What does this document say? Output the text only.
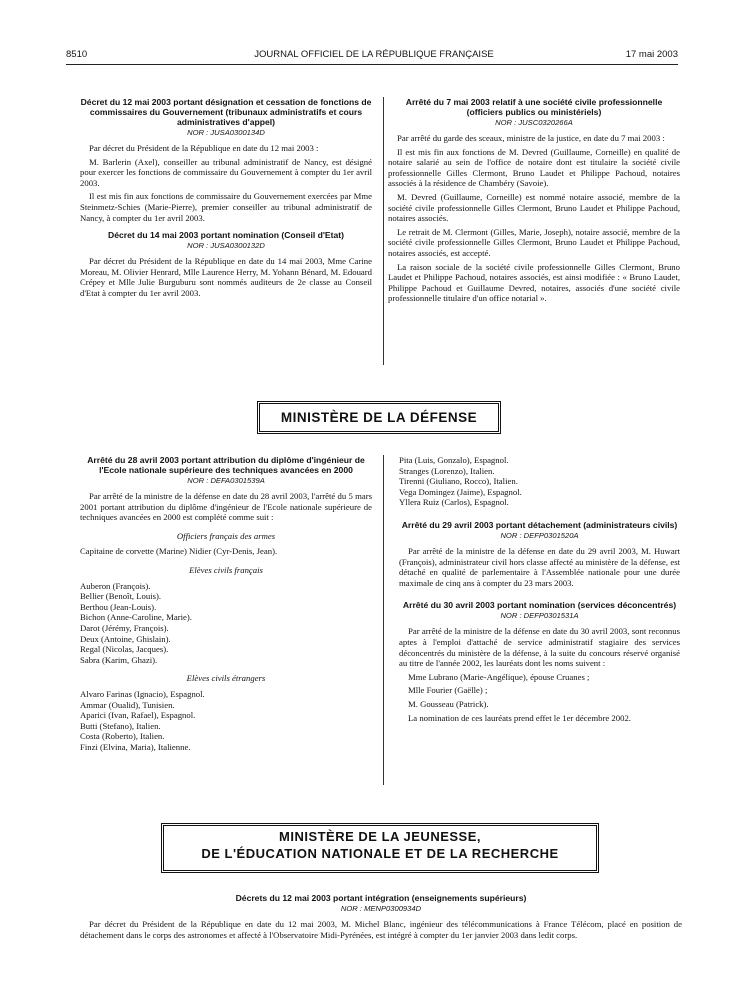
8510	JOURNAL OFFICIEL DE LA RÉPUBLIQUE FRANÇAISE	17 mai 2003
Décret du 12 mai 2003 portant désignation et cessation de fonctions de commissaires du Gouvernement (tribunaux administratifs et cours administratives d'appel)
NOR : JUSA0300134D

Par décret du Président de la République en date du 12 mai 2003 :

M. Barlerin (Axel), conseiller au tribunal administratif de Nancy, est désigné pour exercer les fonctions de commissaire du Gouvernement à compter du 1er avril 2003.

Il est mis fin aux fonctions de commissaire du Gouvernement exercées par Mme Steinmetz-Schies (Marie-Pierre), premier conseiller au tribunal administratif de Nancy, à compter du 1er avril 2003.

Décret du 14 mai 2003 portant nomination (Conseil d'Etat)
NOR : JUSA0300132D

Par décret du Président de la République en date du 14 mai 2003, Mme Carine Moreau, M. Olivier Henrard, Mlle Laurence Herry, M. Yohann Bénard, M. Edouard Crépey et Mlle Julie Burguburu sont nommés auditeurs de 2e classe au Conseil d'Etat à compter du 1er avril 2003.

Arrêté du 7 mai 2003 relatif à une société civile professionnelle (officiers publics ou ministériels)
NOR : JUSC0320266A

Par arrêté du garde des sceaux, ministre de la justice, en date du 7 mai 2003 :

Il est mis fin aux fonctions de M. Devred (Guillaume, Corneille) en qualité de notaire salarié au sein de l'office de notaire dont est titulaire la société civile professionnelle Gilles Clermont, Bruno Laudet et Philippe Pachoud, notaires associés à la résidence de Chambéry (Savoie).

M. Devred (Guillaume, Corneille) est nommé notaire associé, membre de la société civile professionnelle Gilles Clermont, Bruno Laudet et Philippe Pachoud, notaires associés.

Le retrait de M. Clermont (Gilles, Marie, Joseph), notaire associé, membre de la société civile professionnelle Gilles Clermont, Bruno Laudet et Philippe Pachoud, notaires associés, est accepté.

La raison sociale de la société civile professionnelle Gilles Clermont, Bruno Laudet et Philippe Pachoud, notaires associés, est ainsi modifiée : « Bruno Laudet, Philippe Pachoud et Guillaume Devred, notaires, associés d'une société civile professionnelle titulaire d'un office notarial ».

MINISTÈRE DE LA DÉFENSE
Arrêté du 28 avril 2003 portant attribution du diplôme d'ingénieur de l'Ecole nationale supérieure des techniques avancées en 2000
NOR : DEFA0301539A

Par arrêté de la ministre de la défense en date du 28 avril 2003, l'arrêté du 5 mars 2001 portant attribution du diplôme d'ingénieur de l'Ecole nationale supérieure de techniques avancées en 2000 est complété comme suit :

Officiers français des armes

Capitaine de corvette (Marine) Nidier (Cyr-Denis, Jean).

Elèves civils français

Auberon (François).

Bellier (Benoît, Louis).

Berthou (Jean-Louis).

Bichon (Anne-Caroline, Marie).

Darot (Jérémy, François).

Deux (Antoine, Ghislain).

Regal (Nicolas, Jacques).

Sabra (Karim, Ghazi).

Elèves civils étrangers

Alvaro Farinas (Ignacio), Espagnol.

Ammar (Oualid), Tunisien.

Aparici (Ivan, Rafael), Espagnol.

Butti (Stefano), Italien.

Costa (Roberto), Italien.

Finzi (Elvina, Maria), Italienne.

Pita (Luis, Gonzalo), Espagnol.

Stranges (Lorenzo), Italien.

Tirenni (Giuliano, Rocco), Italien.

Vega Domingez (Jaime), Espagnol.

Yllera Ruiz (Carlos), Espagnol.

Arrêté du 29 avril 2003 portant détachement (administrateurs civils)
NOR : DEFP0301520A

Par arrêté de la ministre de la défense en date du 29 avril 2003, M. Huwart (François), administrateur civil hors classe affecté au ministère de la défense, est détaché en qualité de parlementaire à l'Assemblée nationale pour une durée maximale de cinq ans à compter du 23 mars 2003.

Arrêté du 30 avril 2003 portant nomination (services déconcentrés)
NOR : DEFP0301531A

Par arrêté de la ministre de la défense en date du 30 avril 2003, sont reconnus aptes à l'emploi d'attaché de service administratif stagiaire des services déconcentrés du ministère de la défense, à la suite du concours réservé organisé au titre de l'année 2002, les lauréats dont les noms suivent :

Mme Lubrano (Marie-Angélique), épouse Cruanes ;

Mlle Fourier (Gaëlle) ;

M. Gousseau (Patrick).

La nomination de ces lauréats prend effet le 1er décembre 2002.

MINISTÈRE DE LA JEUNESSE,
DE L'ÉDUCATION NATIONALE ET DE LA RECHERCHE
Décrets du 12 mai 2003 portant intégration (enseignements supérieurs)
NOR : MENP0300934D

Par décret du Président de la République en date du 12 mai 2003, M. Michel Blanc, ingénieur des télécommunications à France Télécom, placé en position de détachement dans le corps des astronomes et affecté à l'Observatoire Midi-Pyrénées, est intégré à compter du 1er janvier 2003 dans ledit corps.
